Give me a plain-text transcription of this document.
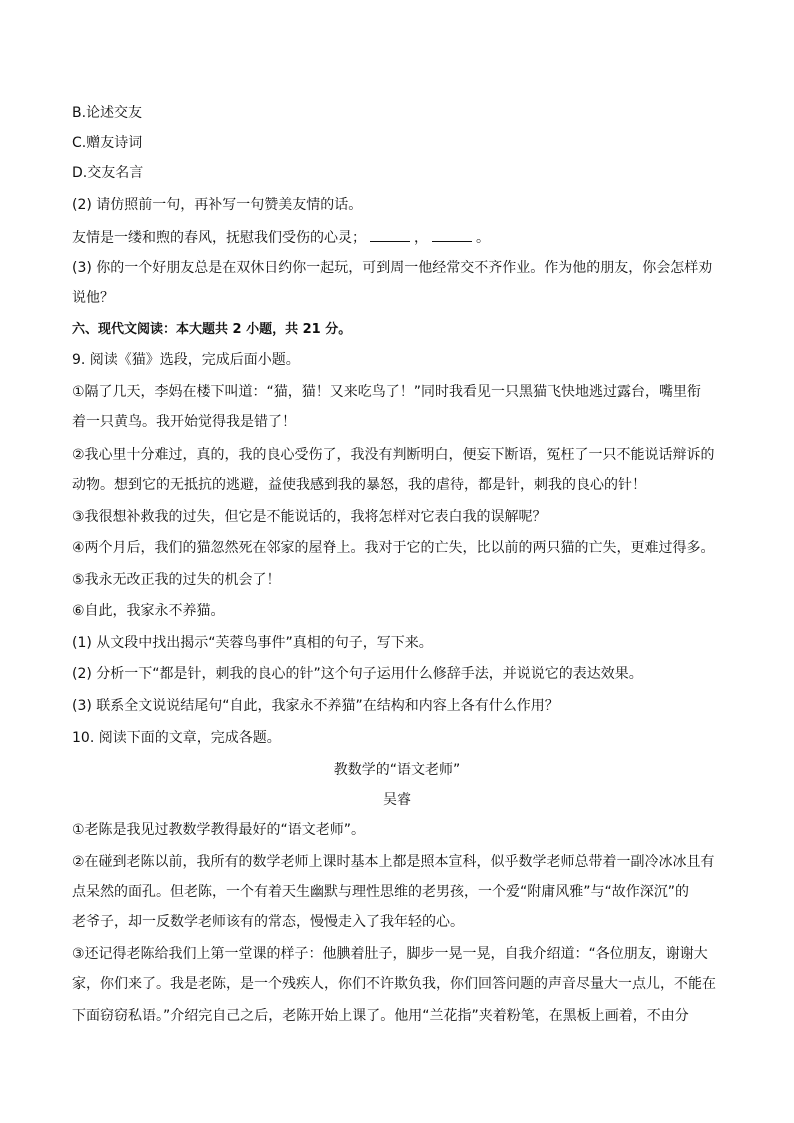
B.论述交友
C.赠友诗词
D.交友名言
(2) 请仿照前一句，再补写一句赞美友情的话。
友情是一缕和煦的春风，抚慰我们受伤的心灵；	，	。
(3) 你的一个好朋友总是在双休日约你一起玩，可到周一他经常交不齐作业。作为他的朋友，你会怎样劝
说他？
六、现代文阅读：本大题共 2 小题，共 21 分。
9. 阅读《猫》选段，完成后面小题。
①隔了几天，李妈在楼下叫道：“猫，猫！又来吃鸟了！”同时我看见一只黑猫飞快地逃过露台，嘴里衔
着一只黄鸟。我开始觉得我是错了！
②我心里十分难过，真的，我的良心受伤了，我没有判断明白，便妄下断语，冤枉了一只不能说话辩诉的
动物。想到它的无抵抗的逃避，益使我感到我的暴怒，我的虐待，都是针，刺我的良心的针！
③我很想补救我的过失，但它是不能说话的，我将怎样对它表白我的误解呢？
④两个月后，我们的猫忽然死在邻家的屋脊上。我对于它的亡失，比以前的两只猫的亡失，更难过得多。
⑤我永无改正我的过失的机会了！
⑥自此，我家永不养猫。
(1) 从文段中找出揭示“芙蓉鸟事件”真相的句子，写下来。
(2) 分析一下“都是针，刺我的良心的针”这个句子运用什么修辞手法，并说说它的表达效果。
(3) 联系全文说说结尾句“自此，我家永不养猫”在结构和内容上各有什么作用？
10. 阅读下面的文章，完成各题。
教数学的“语文老师”
吴睿
①老陈是我见过教数学教得最好的“语文老师”。
②在碰到老陈以前，我所有的数学老师上课时基本上都是照本宣科，似乎数学老师总带着一副冷冰冰且有
点呆然的面孔。但老陈，一个有着天生幽默与理性思维的老男孩，一个爱“附庸风雅”与“故作深沉”的
老爷子，却一反数学老师该有的常态，慢慢走入了我年轻的心。
③还记得老陈给我们上第一堂课的样子：他腆着肚子，脚步一晃一晃，自我介绍道：“各位朋友，谢谢大
家，你们来了。我是老陈，是一个残疾人，你们不许欺负我，你们回答问题的声音尽量大一点儿，不能在
下面窃窃私语。”介绍完自己之后，老陈开始上课了。他用“兰花指”夹着粉笔，在黑板上画着，不由分
